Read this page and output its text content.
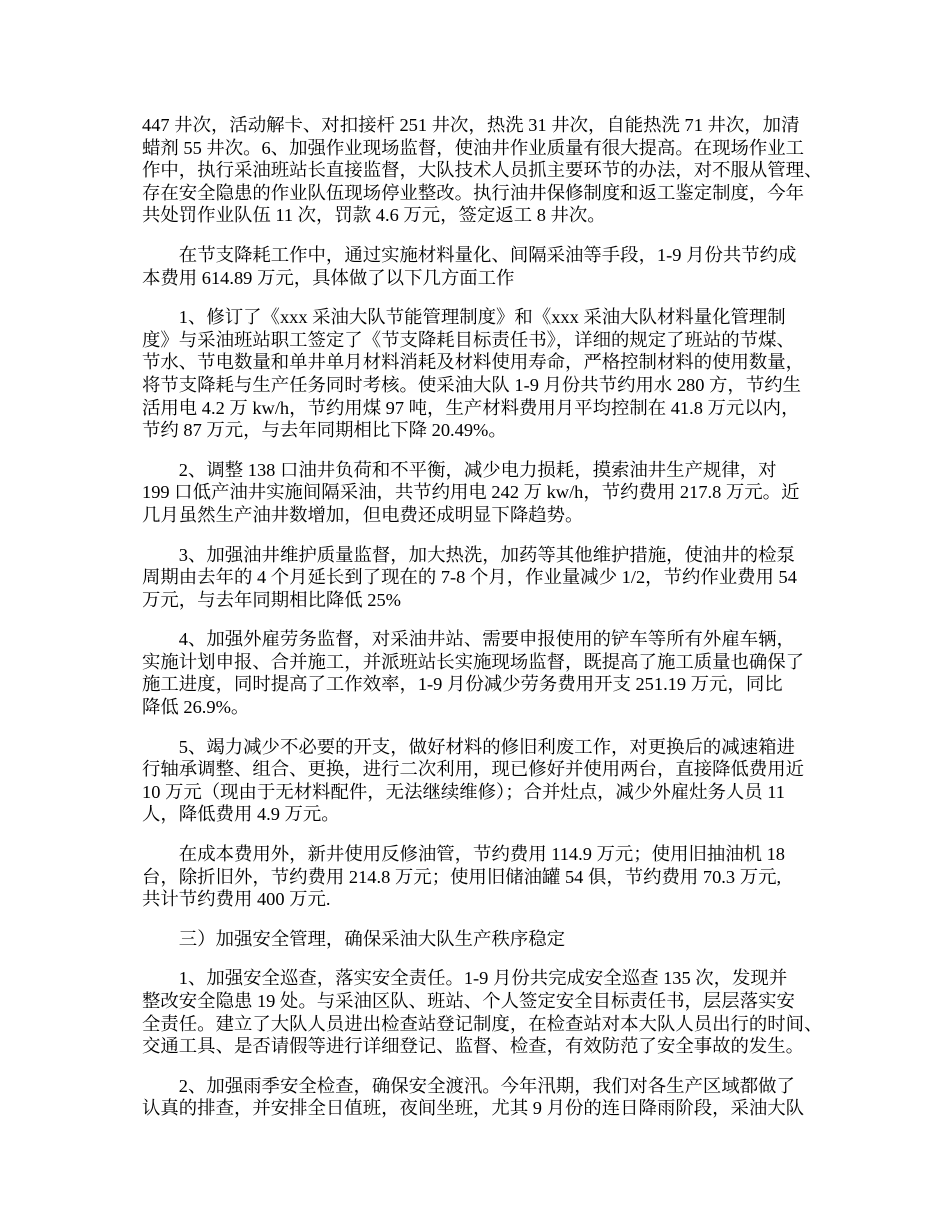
447 井次，活动解卡、对扣接杆 251 井次，热洗 31 井次，自能热洗 71 井次，加清
蜡剂 55 井次。6、加强作业现场监督，使油井作业质量有很大提高。在现场作业工
作中，执行采油班站长直接监督，大队技术人员抓主要环节的办法，对不服从管理、
存在安全隐患的作业队伍现场停业整改。执行油井保修制度和返工鉴定制度，今年
共处罚作业队伍 11 次，罚款 4.6 万元，签定返工 8 井次。
在节支降耗工作中，通过实施材料量化、间隔采油等手段，1-9 月份共节约成
本费用 614.89 万元，具体做了以下几方面工作
1、修订了《xxx 采油大队节能管理制度》和《xxx 采油大队材料量化管理制
度》与采油班站职工签定了《节支降耗目标责任书》，详细的规定了班站的节煤、
节水、节电数量和单井单月材料消耗及材料使用寿命，严格控制材料的使用数量，
将节支降耗与生产任务同时考核。使采油大队 1-9 月份共节约用水 280 方，节约生
活用电 4.2 万 kw/h，节约用煤 97 吨，生产材料费用月平均控制在 41.8 万元以内，
节约 87 万元，与去年同期相比下降 20.49%。
2、调整 138 口油井负荷和不平衡，减少电力损耗，摸索油井生产规律，对
199 口低产油井实施间隔采油，共节约用电 242 万 kw/h，节约费用 217.8 万元。近
几月虽然生产油井数增加，但电费还成明显下降趋势。
3、加强油井维护质量监督，加大热洗，加药等其他维护措施，使油井的检泵
周期由去年的 4 个月延长到了现在的 7-8 个月，作业量减少 1/2，节约作业费用 54
万元，与去年同期相比降低 25%
4、加强外雇劳务监督，对采油井站、需要申报使用的铲车等所有外雇车辆，
实施计划申报、合并施工，并派班站长实施现场监督，既提高了施工质量也确保了
施工进度，同时提高了工作效率，1-9 月份减少劳务费用开支 251.19 万元，同比
降低 26.9%。
5、竭力减少不必要的开支，做好材料的修旧利废工作，对更换后的减速箱进
行轴承调整、组合、更换，进行二次利用，现已修好并使用两台，直接降低费用近
10 万元（现由于无材料配件，无法继续维修）；合并灶点，减少外雇灶务人员 11
人，降低费用 4.9 万元。
在成本费用外，新井使用反修油管，节约费用 114.9 万元；使用旧抽油机 18
台，除折旧外，节约费用 214.8 万元；使用旧储油罐 54 俱，节约费用 70.3 万元,
共计节约费用 400 万元.
三）加强安全管理，确保采油大队生产秩序稳定
1、加强安全巡查，落实安全责任。1-9 月份共完成安全巡查 135 次，发现并
整改安全隐患 19 处。与采油区队、班站、个人签定安全目标责任书，层层落实安
全责任。建立了大队人员进出检查站登记制度，在检查站对本大队人员出行的时间、
交通工具、是否请假等进行详细登记、监督、检查，有效防范了安全事故的发生。
2、加强雨季安全检查，确保安全渡汛。今年汛期，我们对各生产区域都做了
认真的排查，并安排全日值班，夜间坐班，尤其 9 月份的连日降雨阶段，采油大队
